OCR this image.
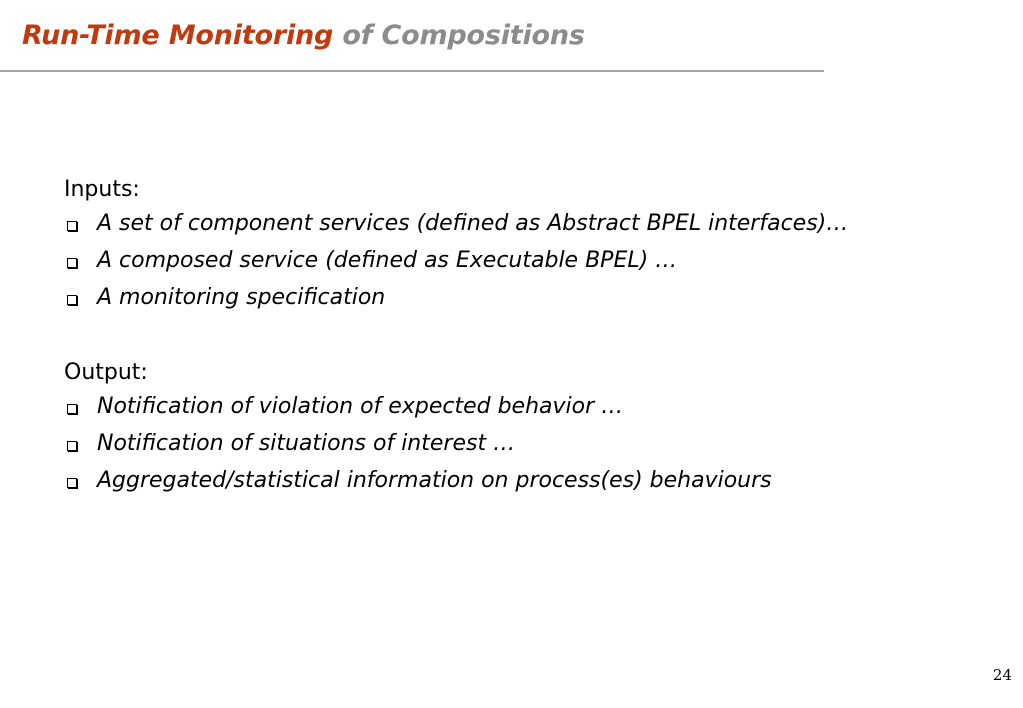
Run-Time Monitoring of Compositions
Inputs:
A set of component services (defined as Abstract BPEL interfaces)…
A composed service (defined as Executable BPEL) …
A monitoring specification
Output:
Notification of violation of expected behavior …
Notification of situations of interest …
Aggregated/statistical information on process(es) behaviours
24
